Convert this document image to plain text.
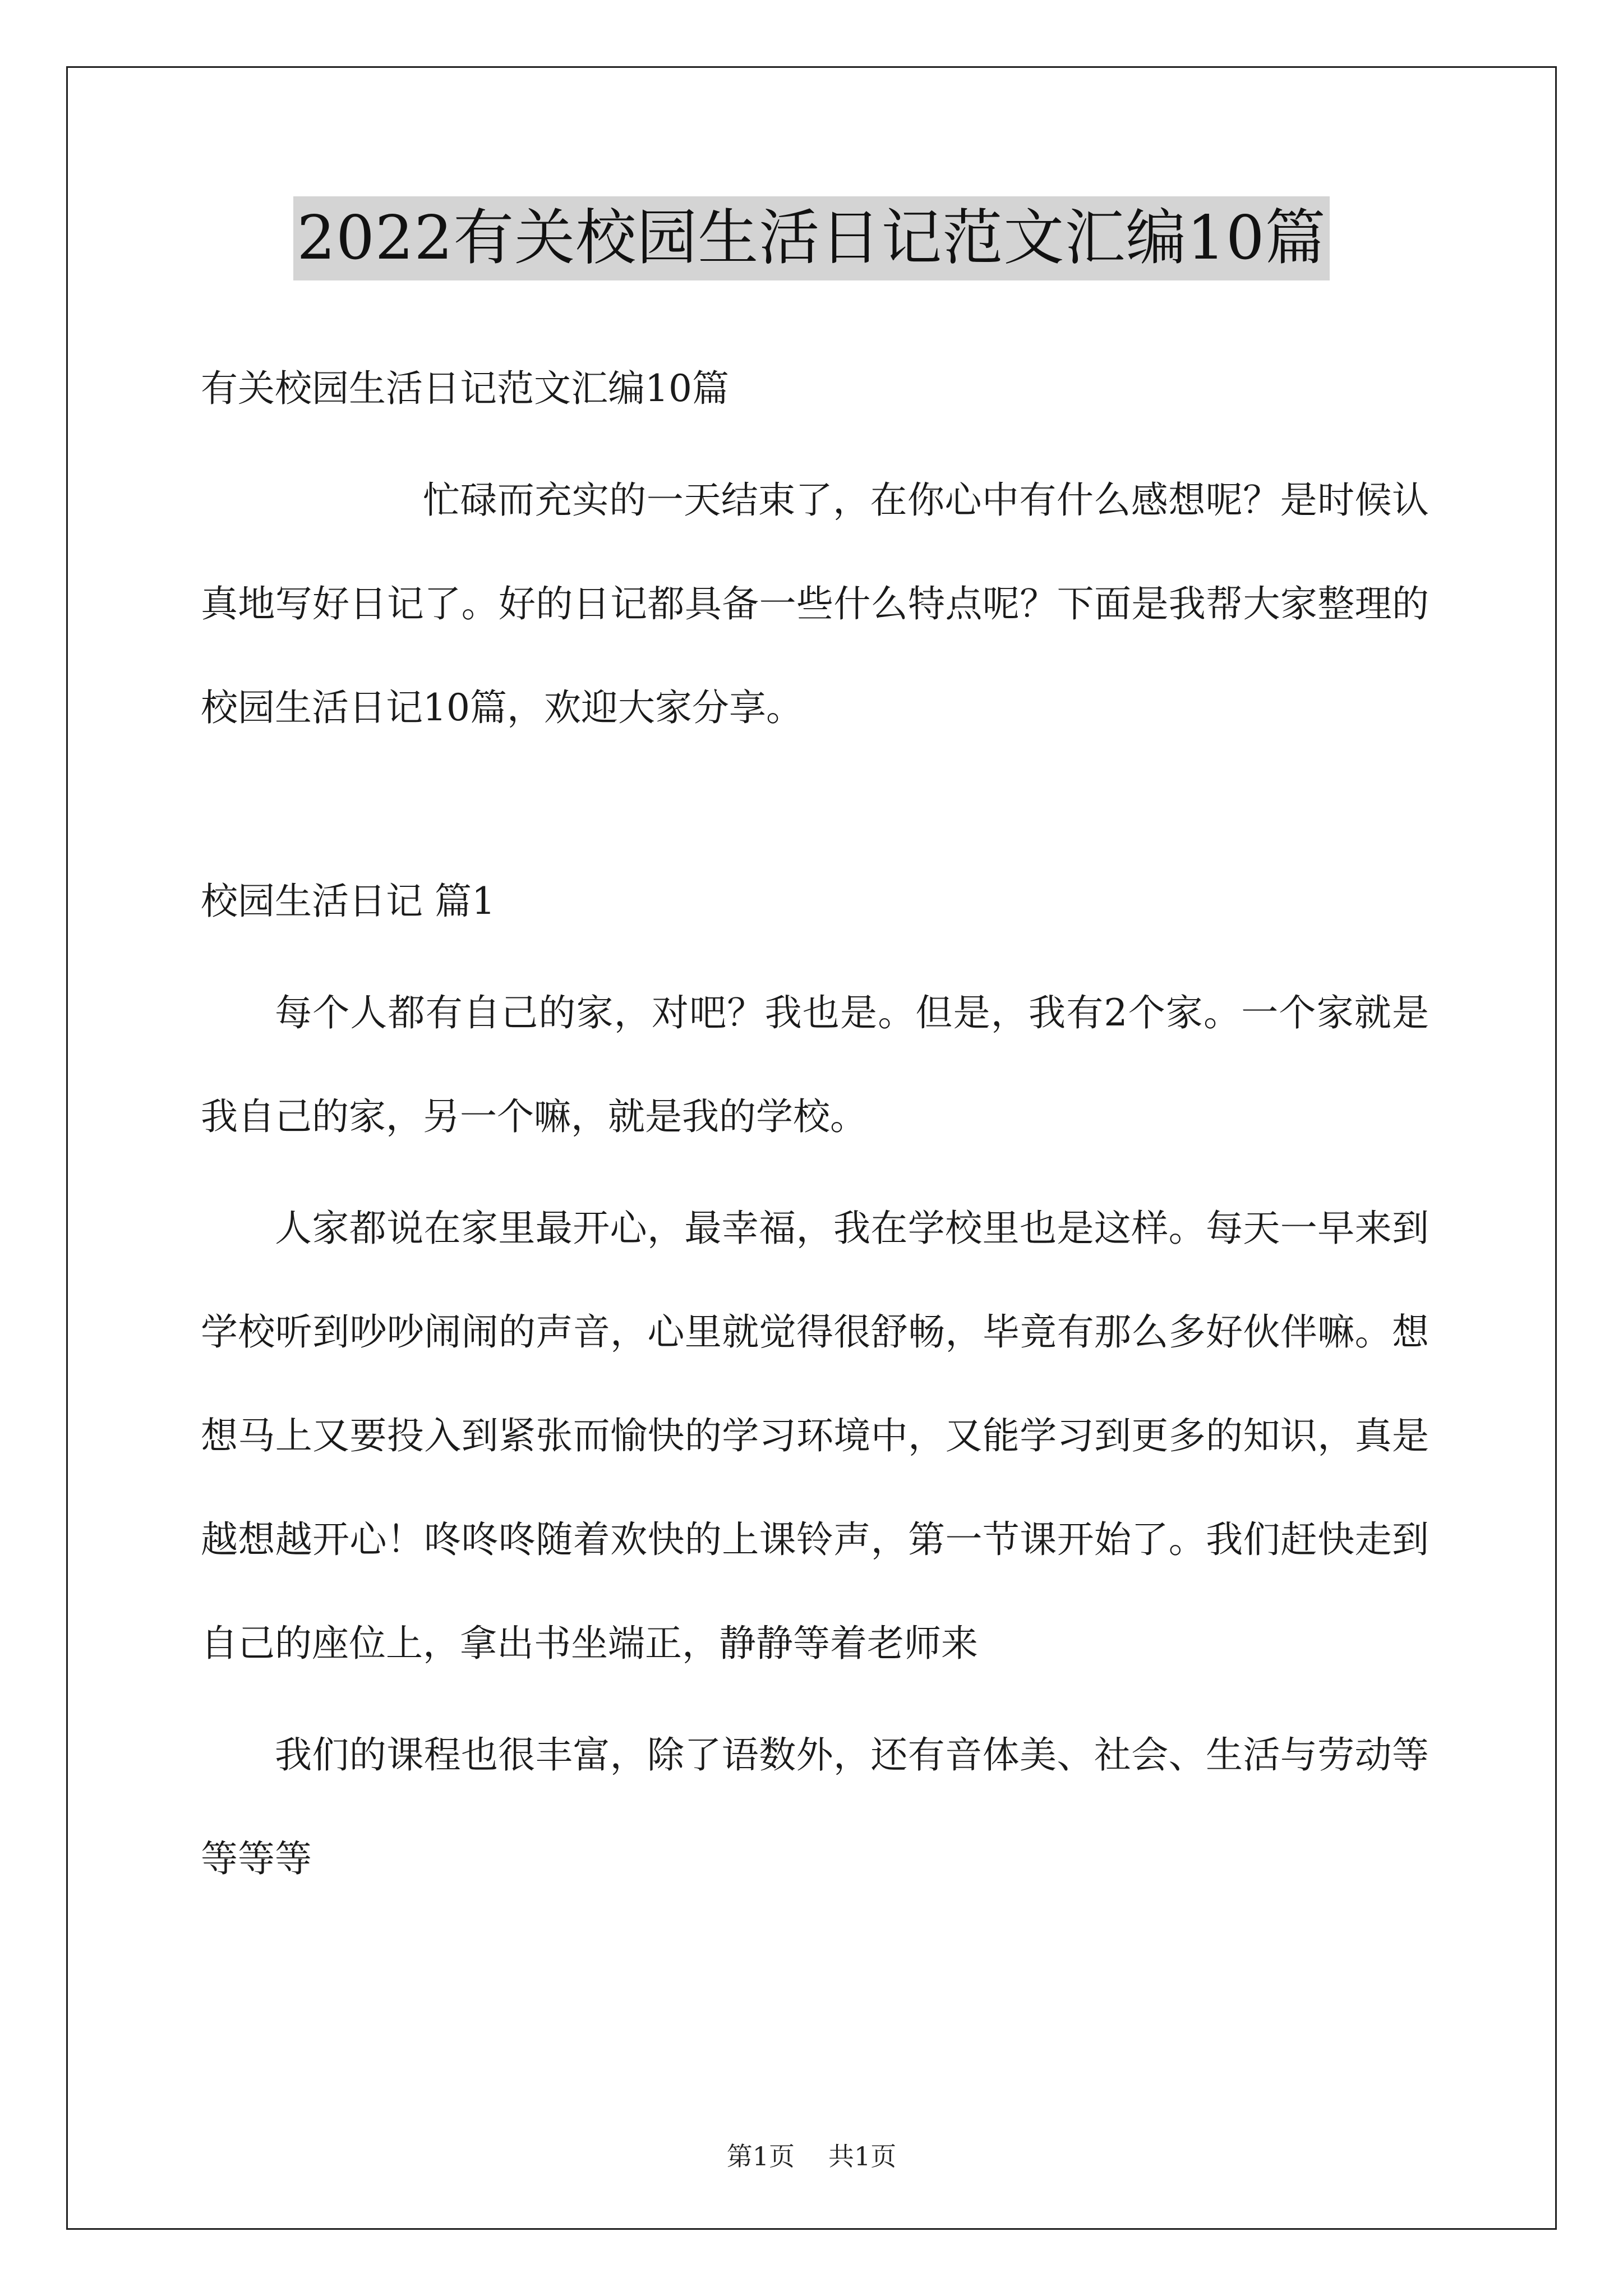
2022有关校园生活日记范文汇编10篇

有关校园生活日记范文汇编10篇

忙碌而充实的一天结束了，在你心中有什么感想呢？是时候认真地写好日记了。好的日记都具备一些什么特点呢？下面是我帮大家整理的校园生活日记10篇，欢迎大家分享。

校园生活日记 篇1

每个人都有自己的家，对吧？我也是。但是，我有2个家。一个家就是我自己的家，另一个嘛，就是我的学校。

人家都说在家里最开心，最幸福，我在学校里也是这样。每天一早来到学校听到吵吵闹闹的声音，心里就觉得很舒畅，毕竟有那么多好伙伴嘛。想想马上又要投入到紧张而愉快的学习环境中，又能学习到更多的知识，真是越想越开心！咚咚咚随着欢快的上课铃声，第一节课开始了。我们赶快走到自己的座位上，拿出书坐端正，静静等着老师来

我们的课程也很丰富，除了语数外，还有音体美、社会、生活与劳动等等等等

第1页 共1页
